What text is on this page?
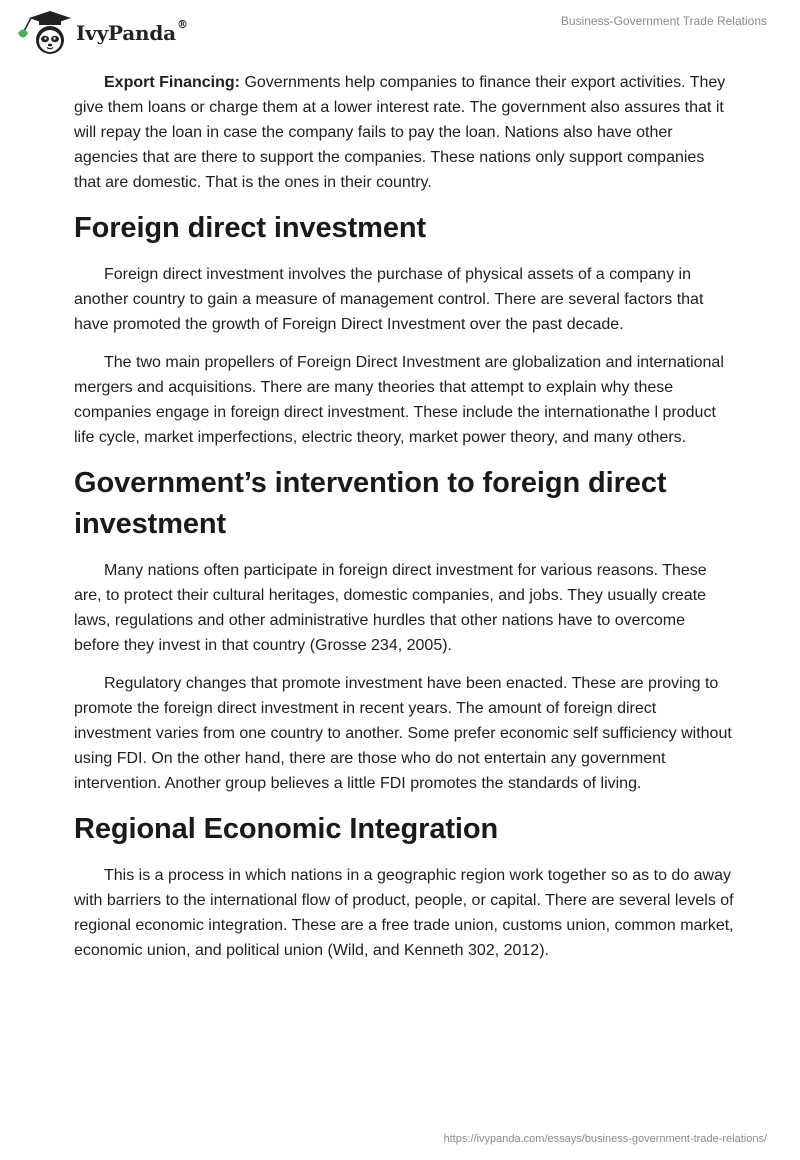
IvyPanda®	Business-Government Trade Relations

Export Financing: Governments help companies to finance their export activities. They give them loans or charge them at a lower interest rate. The government also assures that it will repay the loan in case the company fails to pay the loan. Nations also have other agencies that are there to support the companies. These nations only support companies that are domestic. That is the ones in their country.

Foreign direct investment

Foreign direct investment involves the purchase of physical assets of a company in another country to gain a measure of management control. There are several factors that have promoted the growth of Foreign Direct Investment over the past decade.

The two main propellers of Foreign Direct Investment are globalization and international mergers and acquisitions. There are many theories that attempt to explain why these companies engage in foreign direct investment. These include the internationathe l product life cycle, market imperfections, electric theory, market power theory, and many others.

Government’s intervention to foreign direct investment

Many nations often participate in foreign direct investment for various reasons. These are, to protect their cultural heritages, domestic companies, and jobs. They usually create laws, regulations and other administrative hurdles that other nations have to overcome before they invest in that country (Grosse 234, 2005).

Regulatory changes that promote investment have been enacted. These are proving to promote the foreign direct investment in recent years. The amount of foreign direct investment varies from one country to another. Some prefer economic self sufficiency without using FDI. On the other hand, there are those who do not entertain any government intervention. Another group believes a little FDI promotes the standards of living.

Regional Economic Integration

This is a process in which nations in a geographic region work together so as to do away with barriers to the international flow of product, people, or capital. There are several levels of regional economic integration. These are a free trade union, customs union, common market, economic union, and political union (Wild, and Kenneth 302, 2012).

https://ivypanda.com/essays/business-government-trade-relations/
